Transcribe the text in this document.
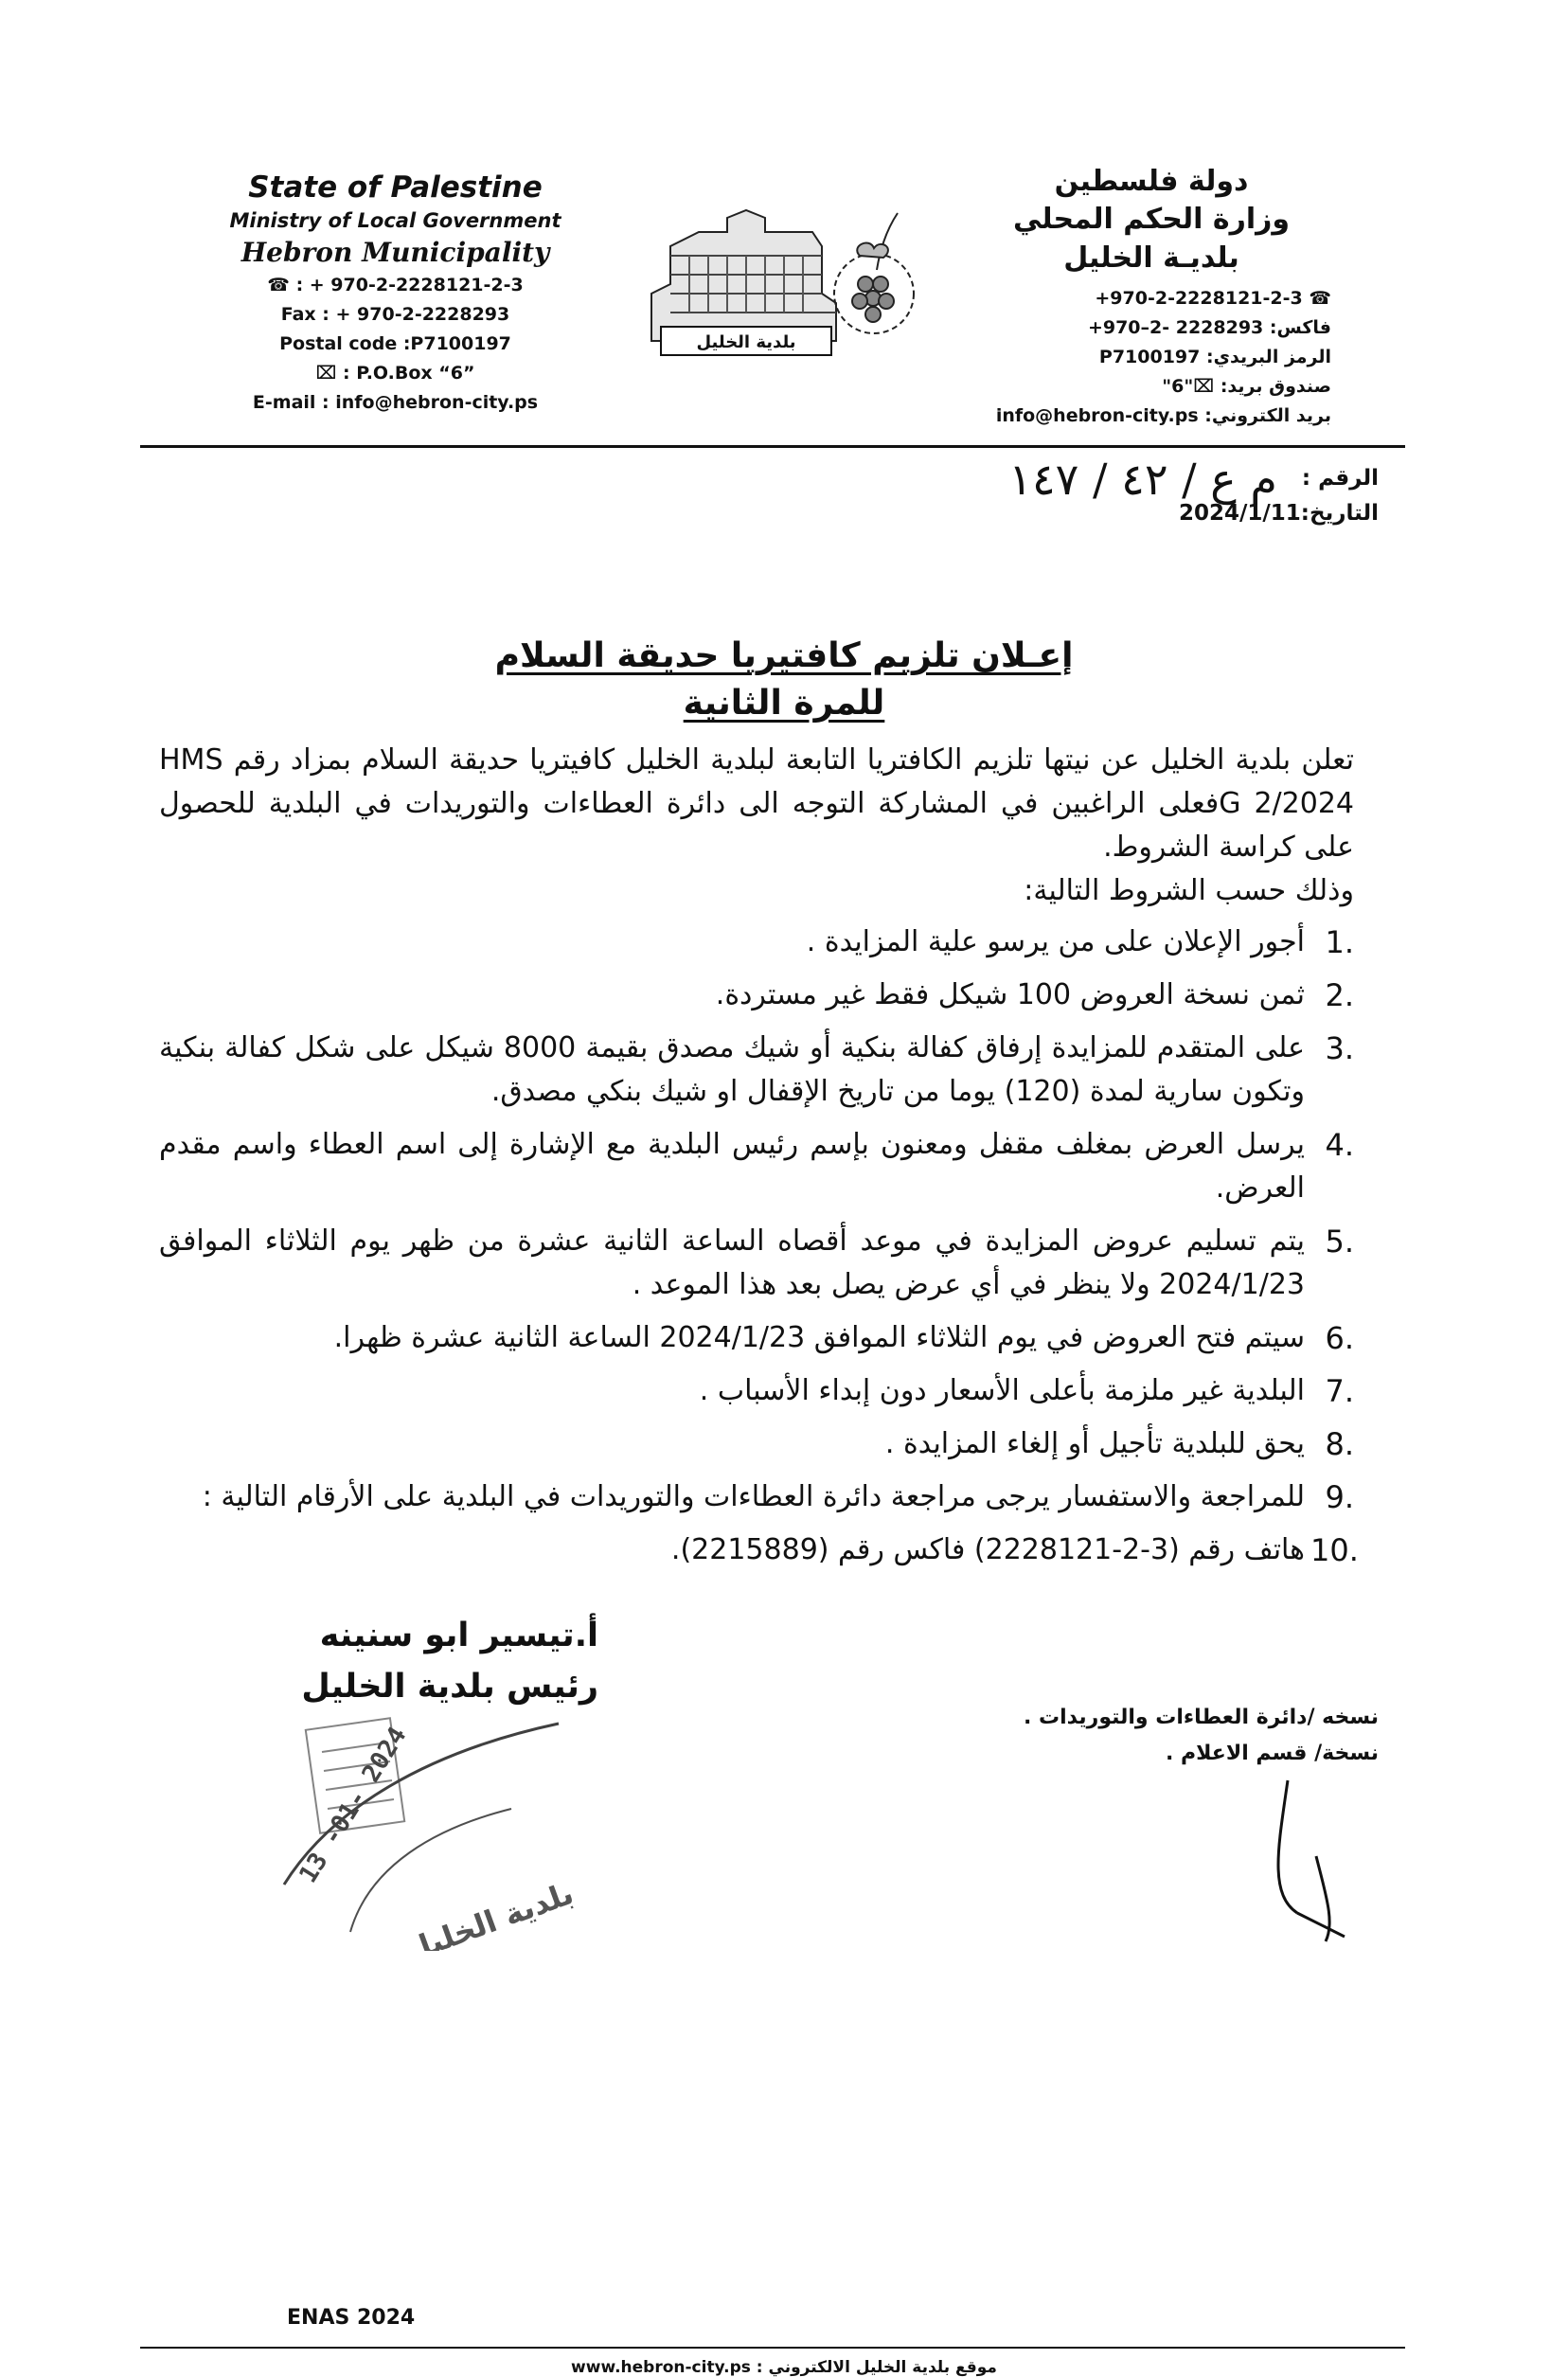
State of Palestine
Ministry of Local Government
Hebron Municipality
☎ : + 970-2-2228121-2-3
Fax : + 970-2-2228293
Postal code :P7100197
⌧ : P.O.Box “6”
E-mail : info@hebron-city.ps
بلدية الخليل
دولة فلسطين
وزارة الحكم المحلي
بلديـة الخليل
+970-2-2228121-2-3 ☎
فاكس: +970–2- 2228293
الرمز البريدي: P7100197
صندوق بريد: "6"⌧
بريد الكتروني: info@hebron-city.ps
الرقم : م ع / ٤٢ / ١٤٧
التاريخ:2024/1/11
إعـلان تلزيم كافتيريا حديقة السلام
للمرة الثانية

تعلن بلدية الخليل عن نيتها تلزيم الكافتريا التابعة لبلدية الخليل كافيتريا حديقة السلام بمزاد رقم HMS G 2/2024فعلى الراغبين في المشاركة التوجه الى دائرة العطاءات والتوريدات في البلدية للحصول على كراسة الشروط.

وذلك حسب الشروط التالية:

1.
أجور الإعلان على من يرسو علية المزايدة .
2.
ثمن نسخة العروض 100 شيكل فقط غير مستردة.
3.
على المتقدم للمزايدة إرفاق كفالة بنكية أو شيك مصدق بقيمة 8000 شيكل على شكل كفالة بنكية وتكون سارية لمدة (120) يوما من تاريخ الإقفال او شيك بنكي مصدق.
4.
يرسل العرض بمغلف مقفل ومعنون بإسم رئيس البلدية مع الإشارة إلى اسم العطاء واسم مقدم العرض.
5.
يتم تسليم عروض المزايدة في موعد أقصاه الساعة الثانية عشرة من ظهر يوم الثلاثاء الموافق 2024/1/23 ولا ينظر في أي عرض يصل بعد هذا الموعد .
6.
سيتم فتح العروض في يوم الثلاثاء الموافق 2024/1/23 الساعة الثانية عشرة ظهرا.
7.
البلدية غير ملزمة بأعلى الأسعار دون إبداء الأسباب .
8.
يحق للبلدية تأجيل أو إلغاء المزايدة .
9.
للمراجعة والاستفسار يرجى مراجعة دائرة العطاءات والتوريدات في البلدية على الأرقام التالية :
10.
هاتف رقم (3-2-2228121) فاكس رقم (2215889).
أ.تيسير ابو سنينه
رئيس بلدية الخليل
13 -01- 2024
بلدية الخليل
نسخه /دائرة العطاءات والتوريدات .
نسخة/ قسم الاعلام .
ENAS 2024
www.hebron-city.ps موقع بلدية الخليل الالكتروني :
